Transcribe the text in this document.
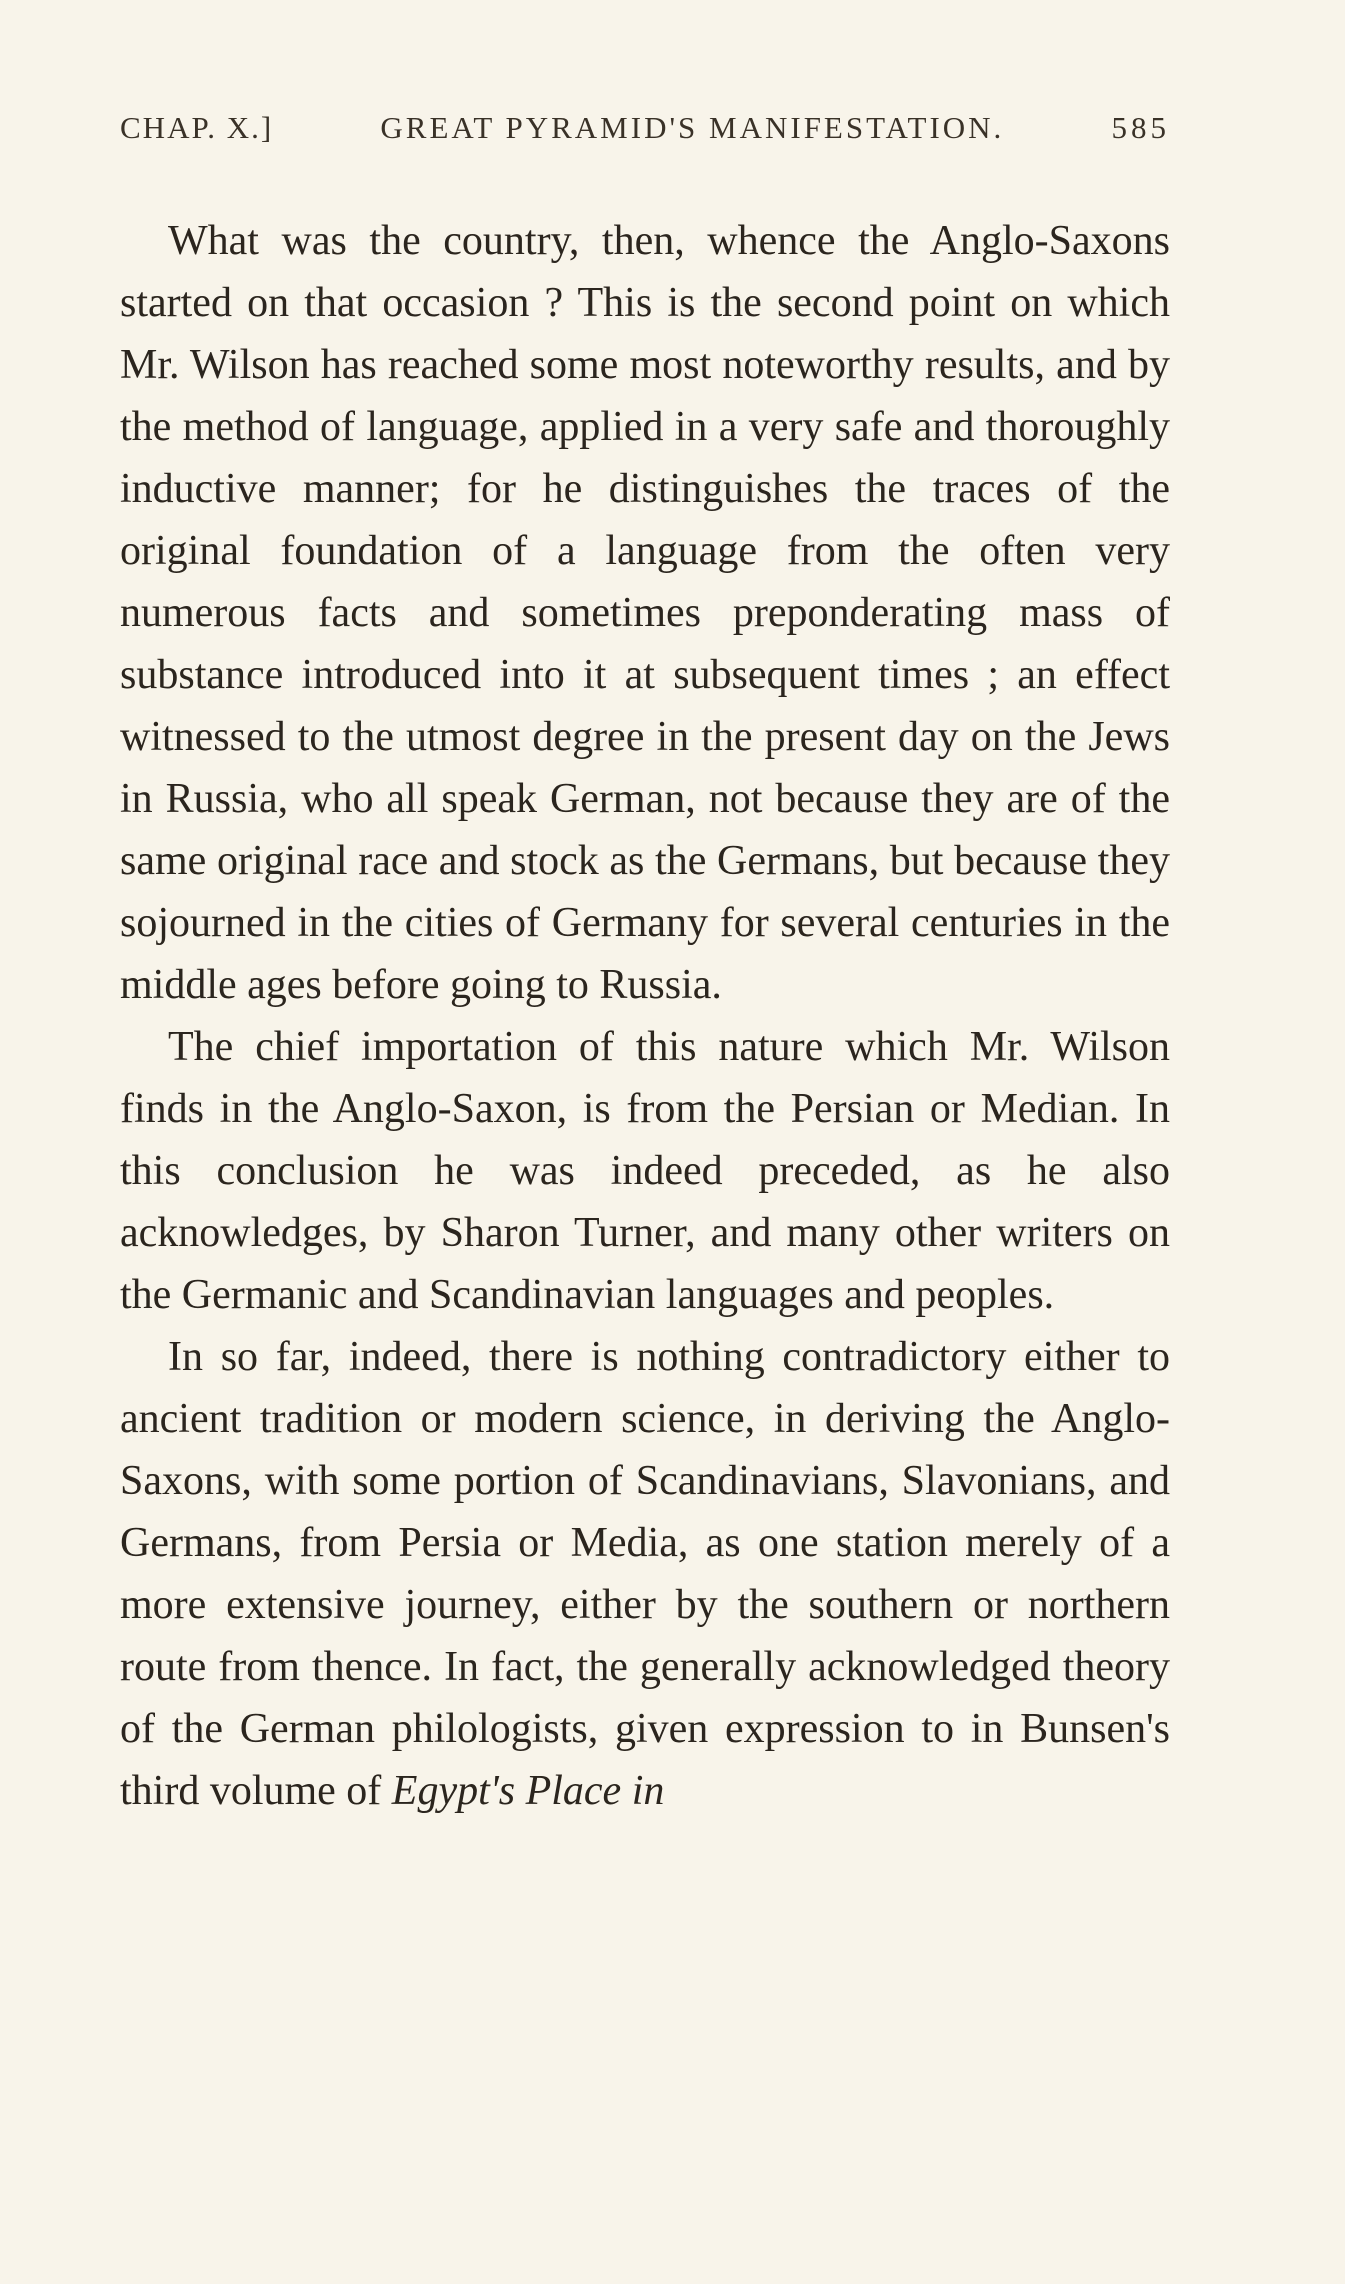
CHAP. X.]	GREAT PYRAMID'S MANIFESTATION.	585

What was the country, then, whence the Anglo-Saxons started on that occasion ? This is the second point on which Mr. Wilson has reached some most noteworthy results, and by the method of language, applied in a very safe and thoroughly inductive manner; for he distinguishes the traces of the original foundation of a language from the often very numerous facts and sometimes preponderating mass of substance introduced into it at subsequent times ; an effect witnessed to the utmost degree in the present day on the Jews in Russia, who all speak German, not because they are of the same original race and stock as the Germans, but because they sojourned in the cities of Germany for several centuries in the middle ages before going to Russia.

The chief importation of this nature which Mr. Wilson finds in the Anglo-Saxon, is from the Persian or Median. In this conclusion he was indeed preceded, as he also acknowledges, by Sharon Turner, and many other writers on the Germanic and Scandinavian languages and peoples.

In so far, indeed, there is nothing contradictory either to ancient tradition or modern science, in deriving the Anglo-Saxons, with some portion of Scandinavians, Slavonians, and Germans, from Persia or Media, as one station merely of a more extensive journey, either by the southern or northern route from thence. In fact, the generally acknowledged theory of the German philologists, given expression to in Bunsen's third volume of Egypt's Place in
